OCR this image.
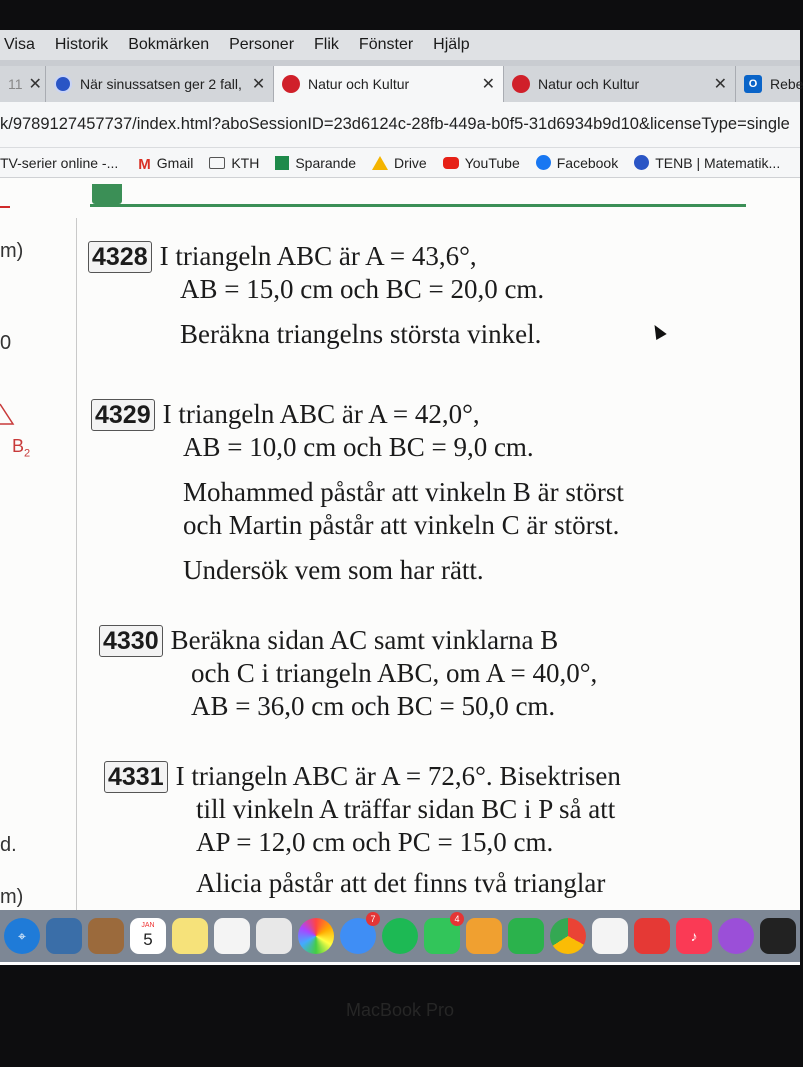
Visa Historik Bokmärken Personer Flik Fönster Hjälp
11 ✕	När sinussatsen ger 2 fall, ✕	Natur och Kultur	✕	Natur och Kultur	✕	O Rebe
k/9789127457737/index.html?aboSessionID=23d6124c-28fb-449a-b0f5-31d6934b9d10&licenseType=single
TV-serier online -... M Gmail	KTH	Sparande	Drive	YouTube	Facebook	TENB | Matematik...
m)
0
$B_2$
d.
m)
4328 I triangeln ABC är A = 43,6°,
AB = 15,0 cm och BC = 20,0 cm.
Beräkna triangelns största vinkel.
4329 I triangeln ABC är A = 42,0°,
AB = 10,0 cm och BC = 9,0 cm.
Mohammed påstår att vinkeln B är störst
och Martin påstår att vinkeln C är störst.
Undersök vem som har rätt.
4330 Beräkna sidan AC samt vinklarna B
och C i triangeln ABC, om A = 40,0°,
AB = 36,0 cm och BC = 50,0 cm.
4331 I triangeln ABC är A = 72,6°. Bisektrisen
till vinkeln A träffar sidan BC i P så att
AP = 12,0 cm och PC = 15,0 cm.
Alicia påstår att det finns två trianglar
⌖
JAN
5
7	4
♪
MacBook Pro
